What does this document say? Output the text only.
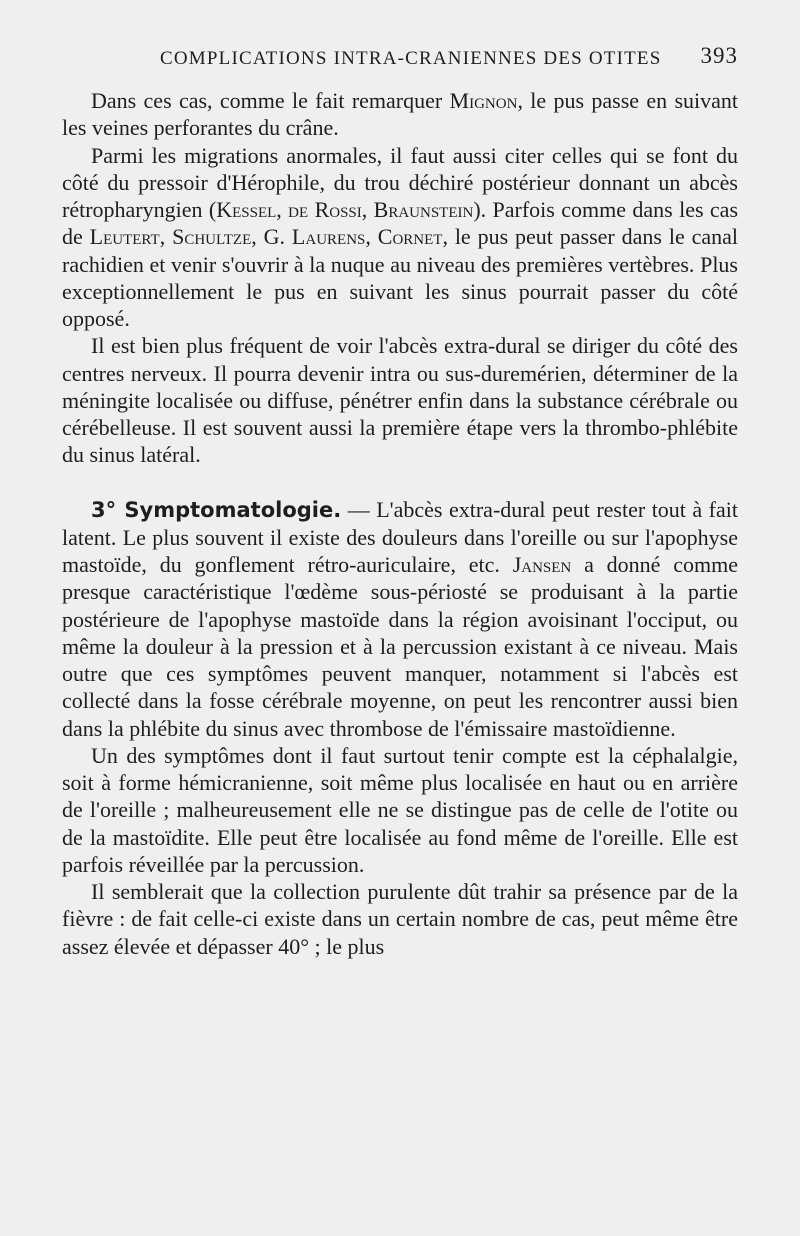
COMPLICATIONS INTRA-CRANIENNES DES OTITES 393

Dans ces cas, comme le fait remarquer Mignon, le pus passe en suivant les veines perforantes du crâne.

Parmi les migrations anormales, il faut aussi citer celles qui se font du côté du pressoir d'Hérophile, du trou déchiré postérieur donnant un abcès rétropharyngien (Kessel, de Rossi, Braunstein). Parfois comme dans les cas de Leutert, Schultze, G. Laurens, Cornet, le pus peut passer dans le canal rachidien et venir s'ouvrir à la nuque au niveau des premières vertèbres. Plus exceptionnellement le pus en suivant les sinus pourrait passer du côté opposé.

Il est bien plus fréquent de voir l'abcès extra-dural se diriger du côté des centres nerveux. Il pourra devenir intra ou sus-duremérien, déterminer de la méningite localisée ou diffuse, pénétrer enfin dans la substance cérébrale ou cérébelleuse. Il est souvent aussi la première étape vers la thrombo-phlébite du sinus latéral.

3° Symptomatologie. — L'abcès extra-dural peut rester tout à fait latent. Le plus souvent il existe des douleurs dans l'oreille ou sur l'apophyse mastoïde, du gonflement rétro-auriculaire, etc. Jansen a donné comme presque caractéristique l'œdème sous-périosté se produisant à la partie postérieure de l'apophyse mastoïde dans la région avoisinant l'occiput, ou même la douleur à la pression et à la percussion existant à ce niveau. Mais outre que ces symptômes peuvent manquer, notamment si l'abcès est collecté dans la fosse cérébrale moyenne, on peut les rencontrer aussi bien dans la phlébite du sinus avec thrombose de l'émissaire mastoïdienne.

Un des symptômes dont il faut surtout tenir compte est la céphalalgie, soit à forme hémicranienne, soit même plus localisée en haut ou en arrière de l'oreille ; malheureusement elle ne se distingue pas de celle de l'otite ou de la mastoïdite. Elle peut être localisée au fond même de l'oreille. Elle est parfois réveillée par la percussion.

Il semblerait que la collection purulente dût trahir sa présence par de la fièvre : de fait celle-ci existe dans un certain nombre de cas, peut même être assez élevée et dépasser 40° ; le plus
